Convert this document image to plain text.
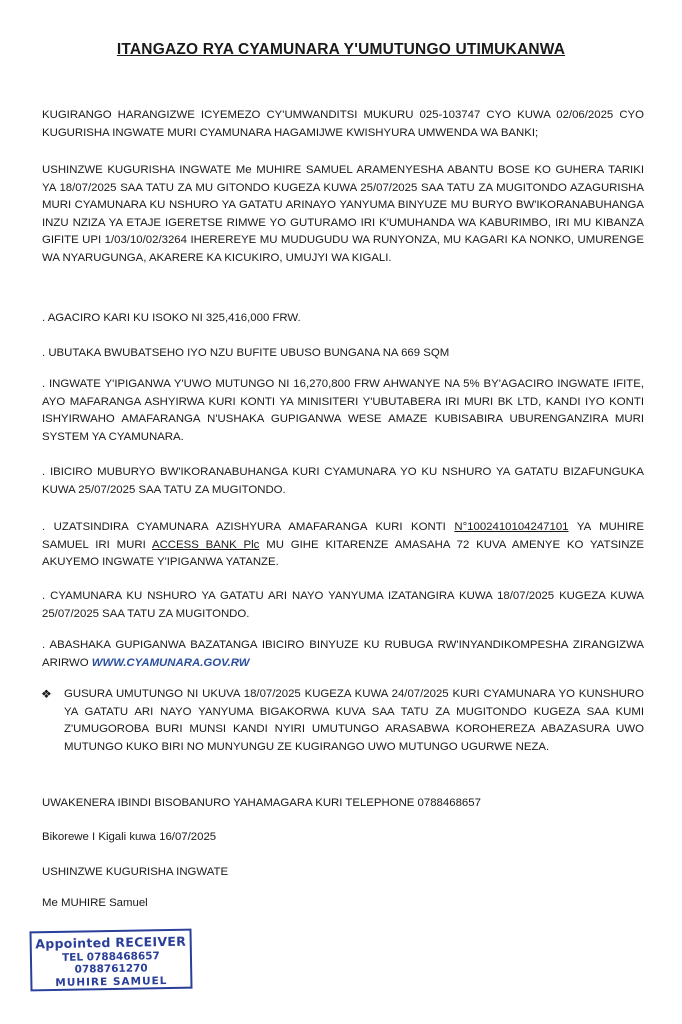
ITANGAZO RYA CYAMUNARA Y'UMUTUNGO UTIMUKANWA
KUGIRANGO HARANGIZWE ICYEMEZO CY'UMWANDITSI MUKURU 025-103747 CYO KUWA 02/06/2025 CYO KUGURISHA INGWATE MURI CYAMUNARA HAGAMIJWE KWISHYURA UMWENDA WA BANKI;
USHINZWE KUGURISHA INGWATE Me MUHIRE SAMUEL ARAMENYESHA ABANTU BOSE KO GUHERA TARIKI YA 18/07/2025 SAA TATU ZA MU GITONDO KUGEZA KUWA 25/07/2025 SAA TATU ZA MUGITONDO AZAGURISHA MURI CYAMUNARA KU NSHURO YA GATATU ARINAYO YANYUMA BINYUZE MU BURYO BW'IKORANABUHANGA INZU NZIZA YA ETAJE IGERETSE RIMWE YO GUTURAMO IRI K'UMUHANDA WA KABURIMBO, IRI MU KIBANZA GIFITE UPI 1/03/10/02/3264 IHEREREYE MU MUDUGUDU WA RUNYONZA, MU KAGARI KA NONKO, UMURENGE WA NYARUGUNGA, AKARERE KA KICUKIRO, UMUJYI WA KIGALI.
. AGACIRO KARI KU ISOKO NI 325,416,000 FRW.
. UBUTAKA BWUBATSEHO IYO NZU BUFITE UBUSO BUNGANA NA 669 SQM
. INGWATE Y'IPIGANWA Y'UWO MUTUNGO NI 16,270,800 FRW AHWANYE NA 5% BY'AGACIRO INGWATE IFITE, AYO MAFARANGA ASHYIRWA KURI KONTI YA MINISITERI Y'UBUTABERA IRI MURI BK LTD, KANDI IYO KONTI ISHYIRWAHO AMAFARANGA N'USHAKA GUPIGANWA WESE AMAZE KUBISABIRA UBURENGANZIRA MURI SYSTEM YA CYAMUNARA.
. IBICIRO MUBURYO BW'IKORANABUHANGA KURI CYAMUNARA YO KU NSHURO YA GATATU BIZAFUNGUKA KUWA 25/07/2025 SAA TATU ZA MUGITONDO.
. UZATSINDIRA CYAMUNARA AZISHYURA AMAFARANGA KURI KONTI N°1002410104247101 YA MUHIRE SAMUEL IRI MURI ACCESS BANK Plc MU GIHE KITARENZE AMASAHA 72 KUVA AMENYE KO YATSINZE AKUYEMO INGWATE Y'IPIGANWA YATANZE.
. CYAMUNARA KU NSHURO YA GATATU ARI NAYO YANYUMA IZATANGIRA KUWA 18/07/2025 KUGEZA KUWA 25/07/2025 SAA TATU ZA MUGITONDO.
. ABASHAKA GUPIGANWA BAZATANGA IBICIRO BINYUZE KU RUBUGA RW'INYANDIKOMPESHA ZIRANGIZWA ARIRWO WWW.CYAMUNARA.GOV.RW
❖ GUSURA UMUTUNGO NI UKUVA 18/07/2025 KUGEZA KUWA 24/07/2025 KURI CYAMUNARA YO KUNSHURO YA GATATU ARI NAYO YANYUMA BIGAKORWA KUVA SAA TATU ZA MUGITONDO KUGEZA SAA KUMI Z'UMUGOROBA BURI MUNSI KANDI NYIRI UMUTUNGO ARASABWA KOROHEREZA ABAZASURA UWO MUTUNGO KUKO BIRI NO MUNYUNGU ZE KUGIRANGO UWO MUTUNGO UGURWE NEZA.
UWAKENERA IBINDI BISOBANURO YAHAMAGARA KURI TELEPHONE 0788468657
Bikorewe I Kigali kuwa 16/07/2025
USHINZWE KUGURISHA INGWATE
Me MUHIRE Samuel
Appointed RECEIVER
TEL 0788468657
0788761270
MUHIRE SAMUEL
